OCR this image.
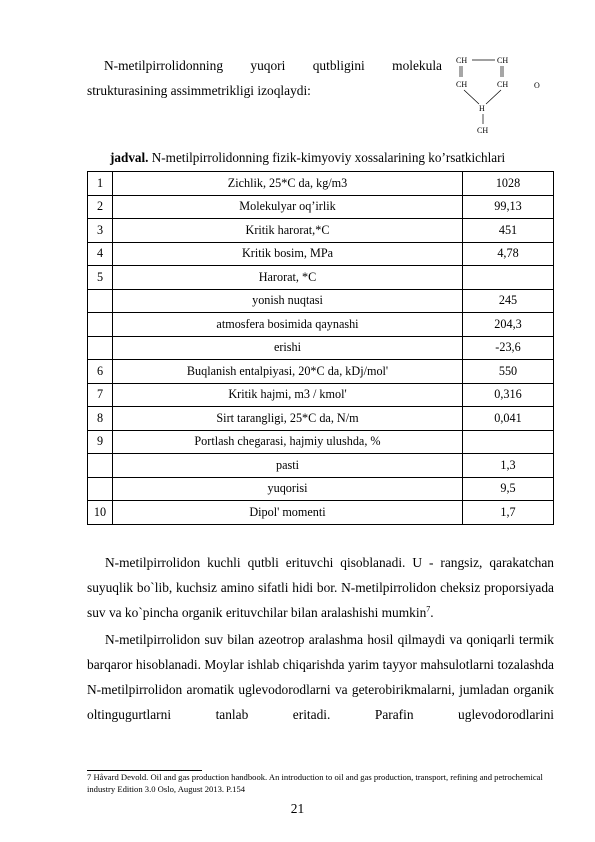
N-metilpirrolidonning yuqori qutbligini molekula
strukturasining assimmetrikligi izoqlaydi:
CH	CH
CH	CH
H
O
CH
jadval. N-metilpirrolidonning fizik-kimyoviy xossalarining ko’rsatkichlari
1	Zichlik, 25*C da, kg/m3	1028
2	Molekulyar oq’irlik	99,13
3	Kritik harorat,*C	451
4	Kritik bosim, MPa	4,78
5	Harorat, *C	
	yonish nuqtasi	245
	atmosfera bosimida qaynashi	204,3
	erishi	-23,6
6	Buqlanish entalpiyasi, 20*C da, kDj/mol'	550
7	Kritik hajmi, m3 / kmol'	0,316
8	Sirt tarangligi, 25*C da, N/m	0,041
9	Portlash chegarasi, hajmiy ulushda, %	
	pasti	1,3
	yuqorisi	9,5
10	Dipol' momenti	1,7

N-metilpirrolidon kuchli qutbli erituvchi qisoblanadi. U - rangsiz, qarakatchan suyuqlik bo`lib, kuchsiz amino sifatli hidi bor. N-metilpirrolidon cheksiz proporsiyada suv va ko`pincha organik erituvchilar bilan aralashishi mumkin$^7$.

N-metilpirrolidon suv bilan azeotrop aralashma hosil qilmaydi va qoniqarli termik barqaror hisoblanadi. Moylar ishlab chiqarishda yarim tayyor mahsulotlarni tozalashda N-metilpirrolidon aromatik uglevodorodlarni va geterobirikmalarni, jumladan organik oltingugurtlarni tanlab eritadi. Parafin uglevodorodlarini

7 Håvard Devold. Oil and gas production handbook. An introduction to oil and gas production, transport, refining and petrochemical industry Edition 3.0 Oslo, August 2013. P.154
21
